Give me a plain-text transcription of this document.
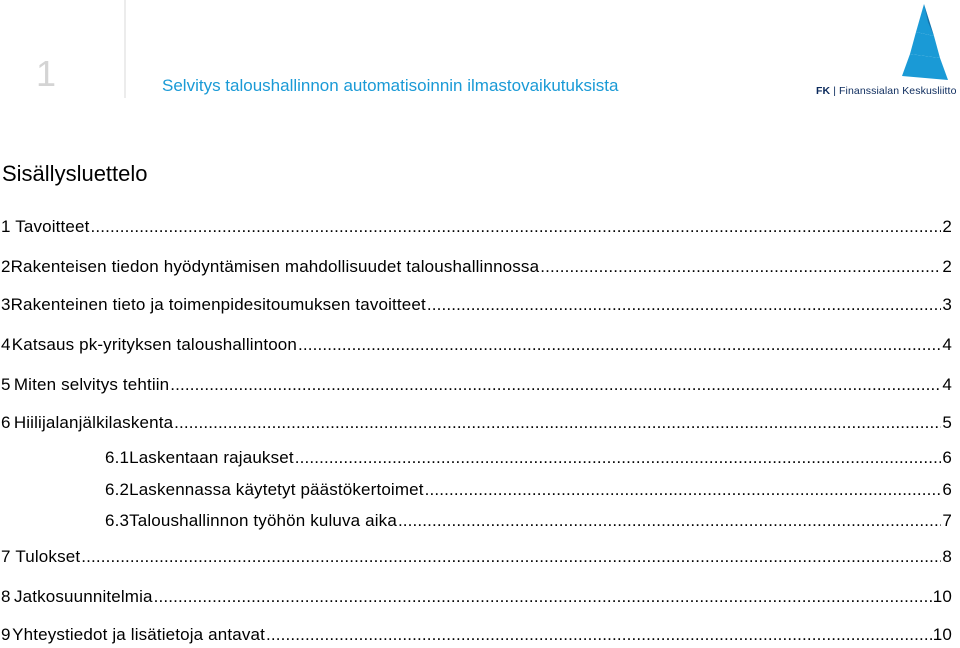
1	Selvitys taloushallinnon automatisoinnin ilmastovaikutuksista	FK | Finanssialan Keskusliitto
Sisällysluettelo
1 Tavoitteet .....	2
2 Rakenteisen tiedon hyödyntämisen mahdollisuudet taloushallinnossa .....	2
3 Rakenteinen tieto ja toimenpidesitoumuksen tavoitteet .....	3
4 Katsaus pk-yrityksen taloushallintoon .....	4
5 Miten selvitys tehtiin .....	4
6 Hiilijalanjälkilaskenta .....	5
6.1 Laskentaan rajaukset .....	6
6.2 Laskennassa käytetyt päästökertoimet .....	6
6.3 Taloushallinnon työhön kuluva aika .....	7
7 Tulokset .....	8
8 Jatkosuunnitelmia .....	10
9 Yhteystiedot ja lisätietoja antavat .....	10
